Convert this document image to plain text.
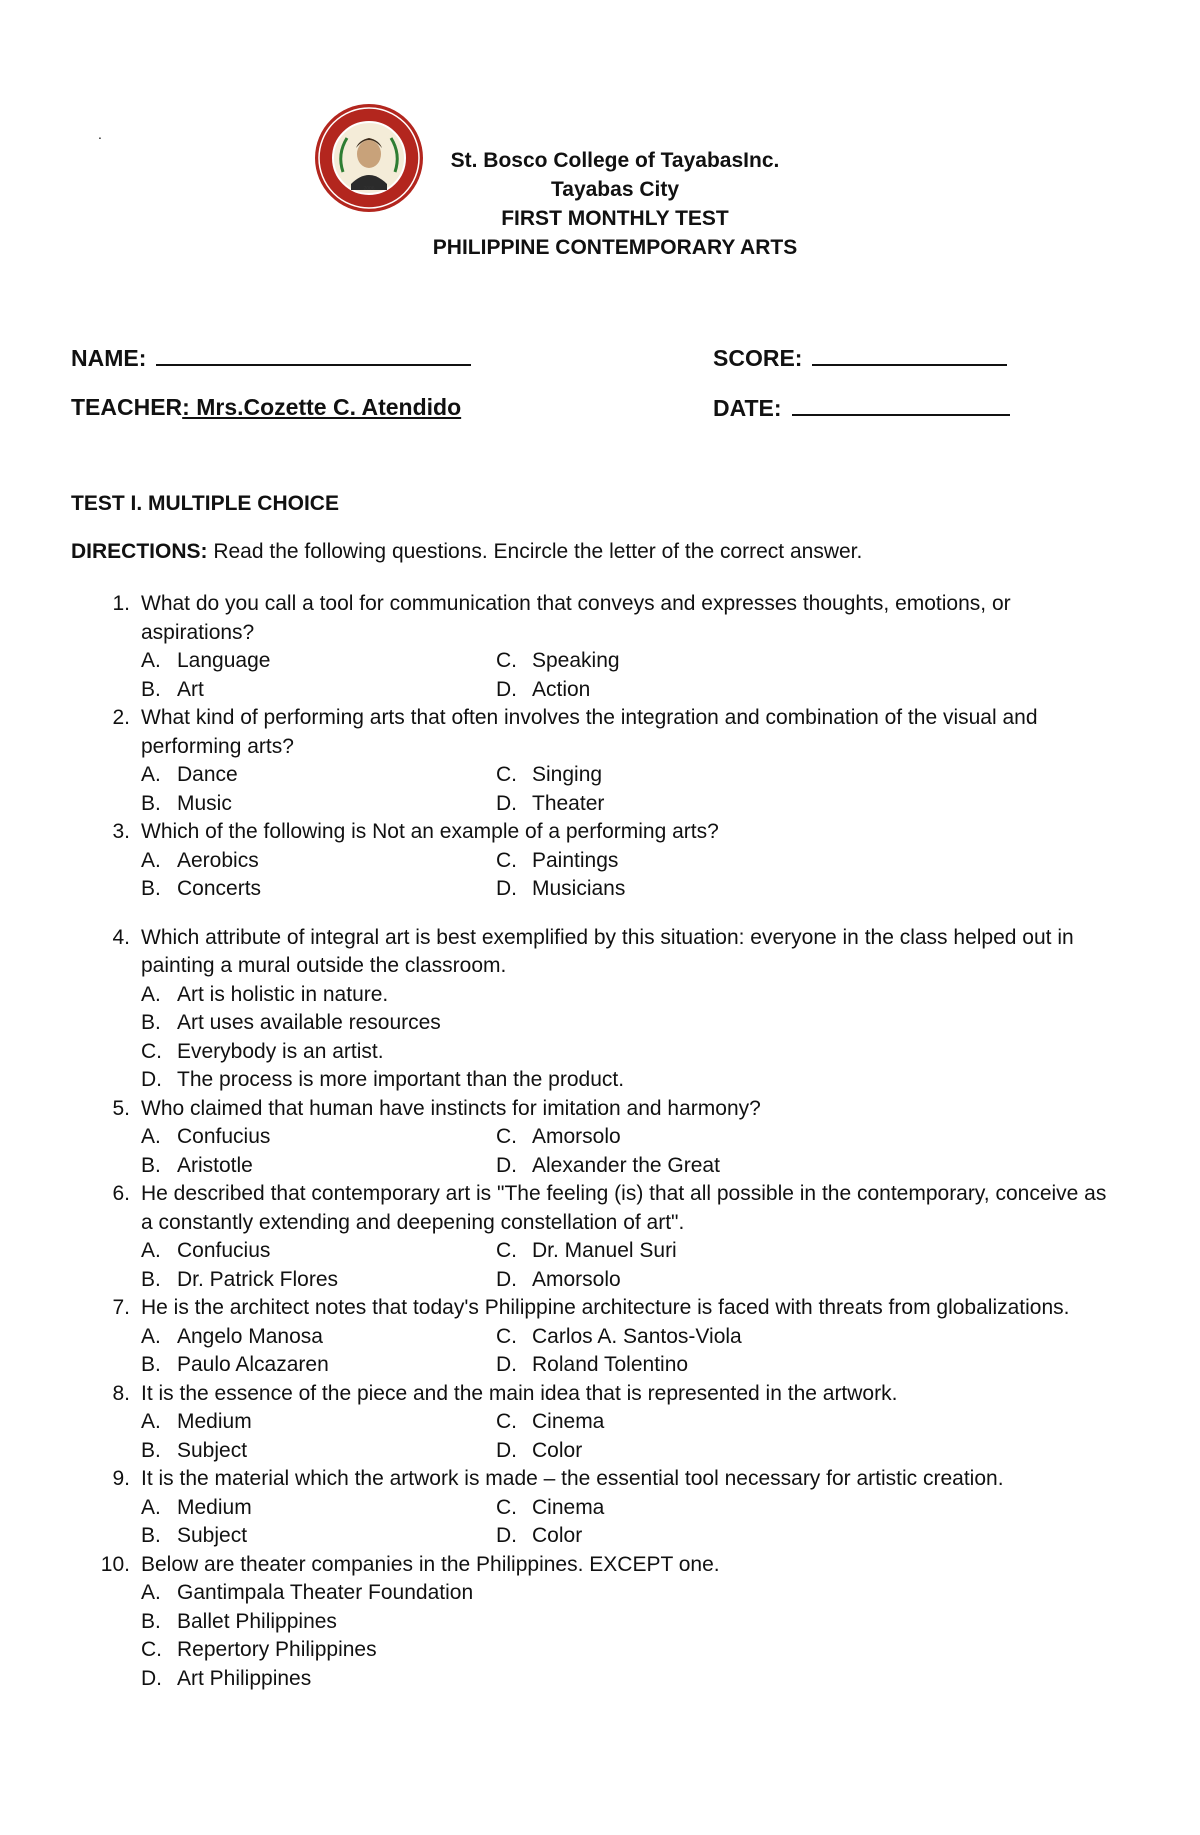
.
2006
St. Bosco College of TayabasInc.
Tayabas City
FIRST MONTHLY TEST
PHILIPPINE CONTEMPORARY ARTS
NAME:	SCORE:
TEACHER: Mrs.Cozette C. Atendido	DATE:
TEST I. MULTIPLE CHOICE
DIRECTIONS: Read the following questions. Encircle the letter of the correct answer.
1. What do you call a tool for communication that conveys and expresses thoughts, emotions, or aspirations?
A. Language	C. Speaking
B. Art	D. Action
2. What kind of performing arts that often involves the integration and combination of the visual and performing arts?
A. Dance	C. Singing
B. Music	D. Theater
3. Which of the following is Not an example of a performing arts?
A. Aerobics	C. Paintings
B. Concerts	D. Musicians
4. Which attribute of integral art is best exemplified by this situation: everyone in the class helped out in painting a mural outside the classroom.
A. Art is holistic in nature.
B. Art uses available resources
C. Everybody is an artist.
D. The process is more important than the product.
5. Who claimed that human have instincts for imitation and harmony?
A. Confucius	C. Amorsolo
B. Aristotle	D. Alexander the Great
6. He described that contemporary art is "The feeling (is) that all possible in the contemporary, conceive as a constantly extending and deepening constellation of art".
A. Confucius	C. Dr. Manuel Suri
B. Dr. Patrick Flores	D. Amorsolo
7. He is the architect notes that today's Philippine architecture is faced with threats from globalizations.
A. Angelo Manosa	C. Carlos A. Santos-Viola
B. Paulo Alcazaren	D. Roland Tolentino
8. It is the essence of the piece and the main idea that is represented in the artwork.
A. Medium	C. Cinema
B. Subject	D. Color
9. It is the material which the artwork is made – the essential tool necessary for artistic creation.
A. Medium	C. Cinema
B. Subject	D. Color
10. Below are theater companies in the Philippines. EXCEPT one.
A. Gantimpala Theater Foundation
B. Ballet Philippines
C. Repertory Philippines
D. Art Philippines
